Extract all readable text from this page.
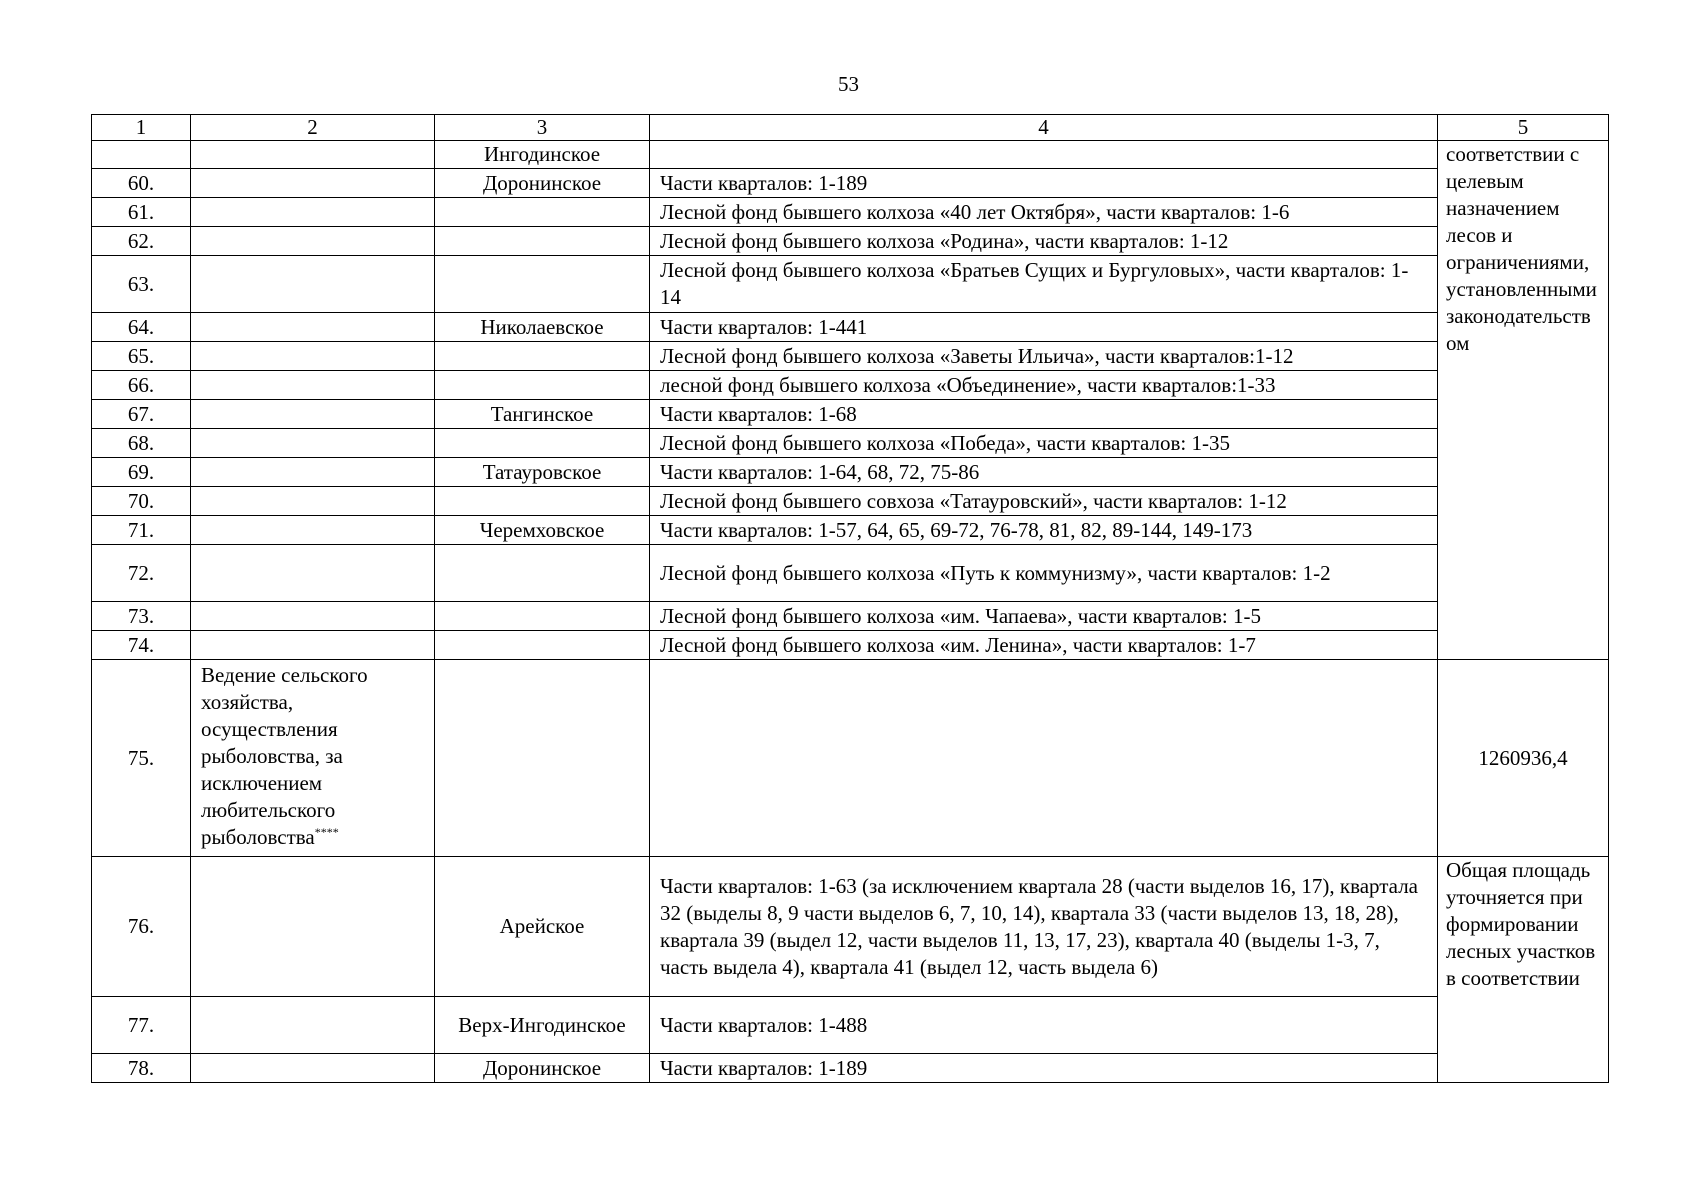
53
1	2	3	4	5
		Ингодинское		соответствии с целевым назначением лесов и ограничениями, установленными законодательством
60.		Доронинское	Части кварталов: 1-189	
61.			Лесной фонд бывшего колхоза «40 лет Октября», части кварталов: 1-6	
62.			Лесной фонд бывшего колхоза «Родина», части кварталов: 1-12	
63.			Лесной фонд бывшего колхоза «Братьев Сущих и Бургуловых», части кварталов: 1-14	
64.		Николаевское	Части кварталов: 1-441	
65.			Лесной фонд бывшего колхоза «Заветы Ильича», части кварталов:1-12	
66.			лесной фонд бывшего колхоза «Объединение», части кварталов:1-33	
67.		Тангинское	Части кварталов: 1-68	
68.			Лесной фонд бывшего колхоза «Победа», части кварталов: 1-35	
69.		Татауровское	Части кварталов: 1-64, 68, 72, 75-86	
70.			Лесной фонд бывшего совхоза «Татауровский», части кварталов: 1-12	
71.		Черемховское	Части кварталов: 1-57, 64, 65, 69-72, 76-78, 81, 82, 89-144, 149-173	
72.			Лесной фонд бывшего колхоза «Путь к коммунизму», части кварталов: 1-2	
73.			Лесной фонд бывшего колхоза «им. Чапаева», части кварталов: 1-5	
74.			Лесной фонд бывшего колхоза «им. Ленина», части кварталов: 1-7	
75.	Ведение сельского хозяйства, осуществления рыболовства, за исключением любительского рыболовства****			1260936,4
76.		Арейское	Части кварталов: 1-63 (за исключением квартала 28 (части выделов 16, 17), квартала 32 (выделы 8, 9 части выделов 6, 7, 10, 14), квартала 33 (части выделов 13, 18, 28), квартала 39 (выдел 12, части выделов 11, 13, 17, 23), квартала 40 (выделы 1-3, 7, часть выдела 4), квартала 41 (выдел 12, часть выдела 6)	Общая площадь уточняется при формировании лесных участков в соответствии
77.		Верх-Ингодинское	Части кварталов: 1-488	
78.		Доронинское	Части кварталов: 1-189	
